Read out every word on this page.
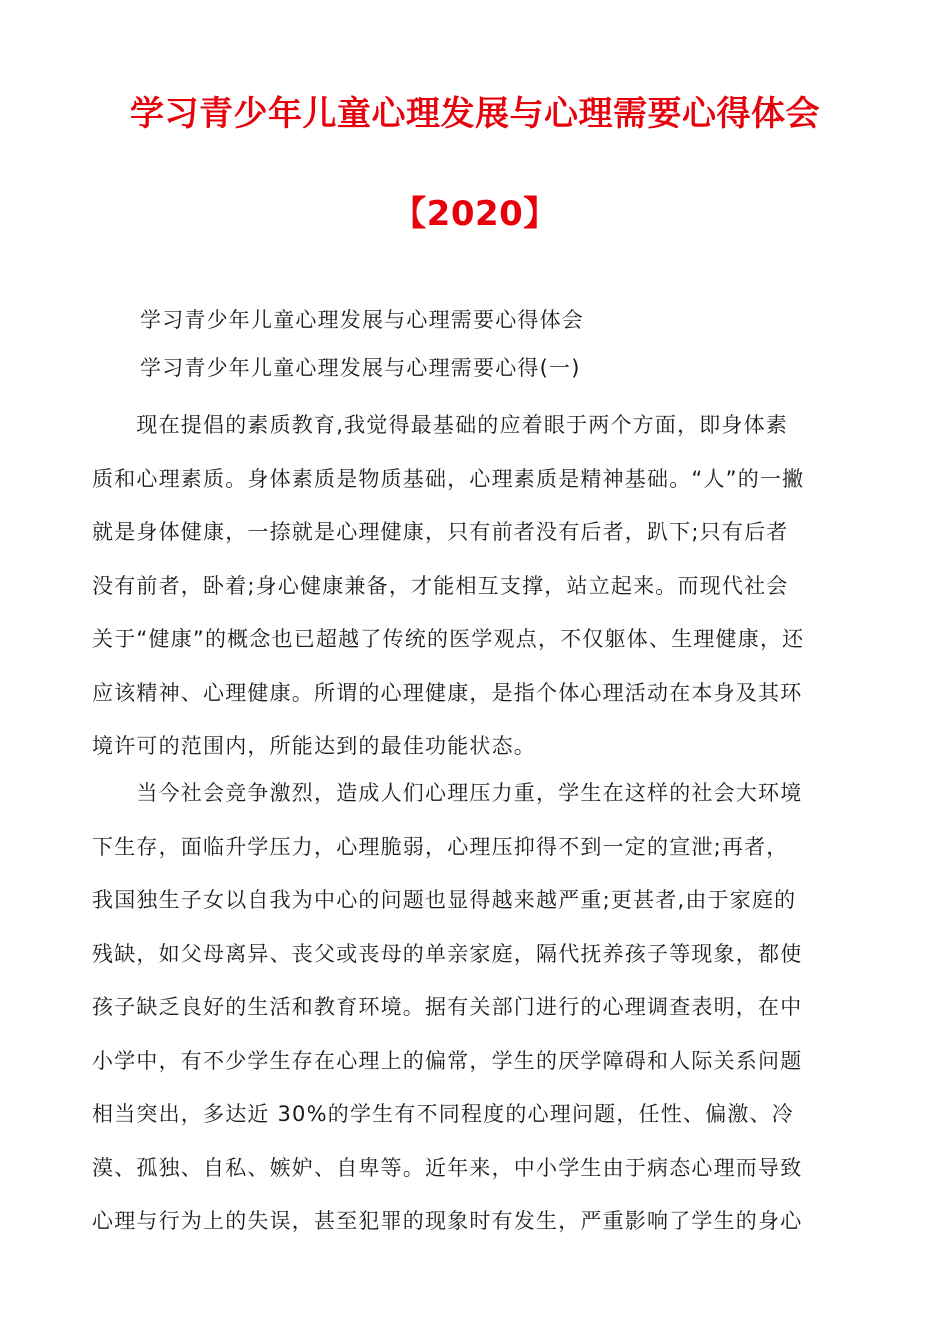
学习青少年儿童心理发展与心理需要心得体会
【2020】

学习青少年儿童心理发展与心理需要心得体会

学习青少年儿童心理发展与心理需要心得(一)

　　现在提倡的素质教育,我觉得最基础的应着眼于两个方面，即身体素
质和心理素质。身体素质是物质基础，心理素质是精神基础。“人”的一撇
就是身体健康，一捺就是心理健康，只有前者没有后者，趴下;只有后者
没有前者，卧着;身心健康兼备，才能相互支撑，站立起来。而现代社会
关于“健康”的概念也已超越了传统的医学观点，不仅躯体、生理健康，还
应该精神、心理健康。所谓的心理健康，是指个体心理活动在本身及其环
境许可的范围内，所能达到的最佳功能状态。
　　当今社会竞争激烈，造成人们心理压力重，学生在这样的社会大环境
下生存，面临升学压力，心理脆弱，心理压抑得不到一定的宣泄;再者，
我国独生子女以自我为中心的问题也显得越来越严重;更甚者,由于家庭的
残缺，如父母离异、丧父或丧母的单亲家庭，隔代抚养孩子等现象，都使
孩子缺乏良好的生活和教育环境。据有关部门进行的心理调查表明，在中
小学中，有不少学生存在心理上的偏常，学生的厌学障碍和人际关系问题
相当突出，多达近 30%的学生有不同程度的心理问题，任性、偏激、冷
漠、孤独、自私、嫉妒、自卑等。近年来，中小学生由于病态心理而导致
心理与行为上的失误，甚至犯罪的现象时有发生，严重影响了学生的身心
